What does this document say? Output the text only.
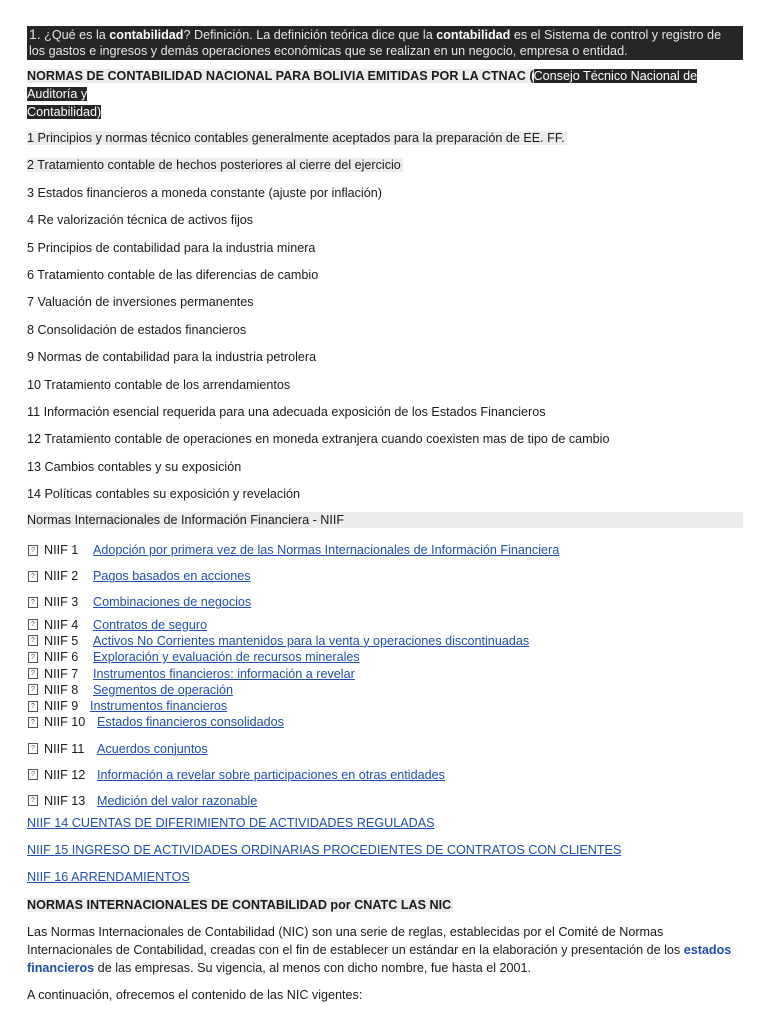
1. ¿Qué es la contabilidad? Definición. La definición teórica dice que la contabilidad es el Sistema de control y registro de los gastos e ingresos y demás operaciones económicas que se realizan en un negocio, empresa o entidad.
NORMAS DE CONTABILIDAD NACIONAL PARA BOLIVIA EMITIDAS POR LA CTNAC (Consejo Técnico Nacional de Auditoría y
Contabilidad)
1 Principios y normas técnico contables generalmente aceptados para la preparación de EE. FF.
2 Tratamiento contable de hechos posteriores al cierre del ejercicio
3 Estados financieros a moneda constante (ajuste por inflación)
4 Re valorización técnica de activos fijos
5 Principios de contabilidad para la industria minera
6 Tratamiento contable de las diferencias de cambio
7 Valuación de inversiones permanentes
8 Consolidación de estados financieros
9 Normas de contabilidad para la industria petrolera
10 Tratamiento contable de los arrendamientos
11 Información esencial requerida para una adecuada exposición de los Estados Financieros
12 Tratamiento contable de operaciones en moneda extranjera cuando coexisten mas de tipo de cambio
13 Cambios contables y su exposición
14 Políticas contables su exposición y revelación
Normas Internacionales de Información Financiera - NIIF
? NIIF 1	Adopción por primera vez de las Normas Internacionales de Información Financiera
? NIIF 2	Pagos basados en acciones
? NIIF 3	Combinaciones de negocios
? NIIF 4	Contratos de seguro
? NIIF 5	Activos No Corrientes mantenidos para la venta y operaciones discontinuadas
? NIIF 6	Exploración y evaluación de recursos minerales
? NIIF 7	Instrumentos financieros: información a revelar
? NIIF 8	Segmentos de operación
? NIIF 9 Instrumentos financieros
? NIIF 10 Estados financieros consolidados
? NIIF 11	Acuerdos conjuntos
? NIIF 12 Información a revelar sobre participaciones en otras entidades
? NIIF 13 Medición del valor razonable
NIIF 14 CUENTAS DE DIFERIMIENTO DE ACTIVIDADES REGULADAS
NIIF 15 INGRESO DE ACTIVIDADES ORDINARIAS PROCEDIENTES DE CONTRATOS CON CLIENTES
NIIF 16 ARRENDAMIENTOS
NORMAS INTERNACIONALES DE CONTABILIDAD por CNATC LAS NIC
Las Normas Internacionales de Contabilidad (NIC) son una serie de reglas, establecidas por el Comité de Normas Internacionales de Contabilidad, creadas con el fin de establecer un estándar en la elaboración y presentación de los estados financieros de las empresas. Su vigencia, al menos con dicho nombre, fue hasta el 2001.
A continuación, ofrecemos el contenido de las NIC vigentes:
